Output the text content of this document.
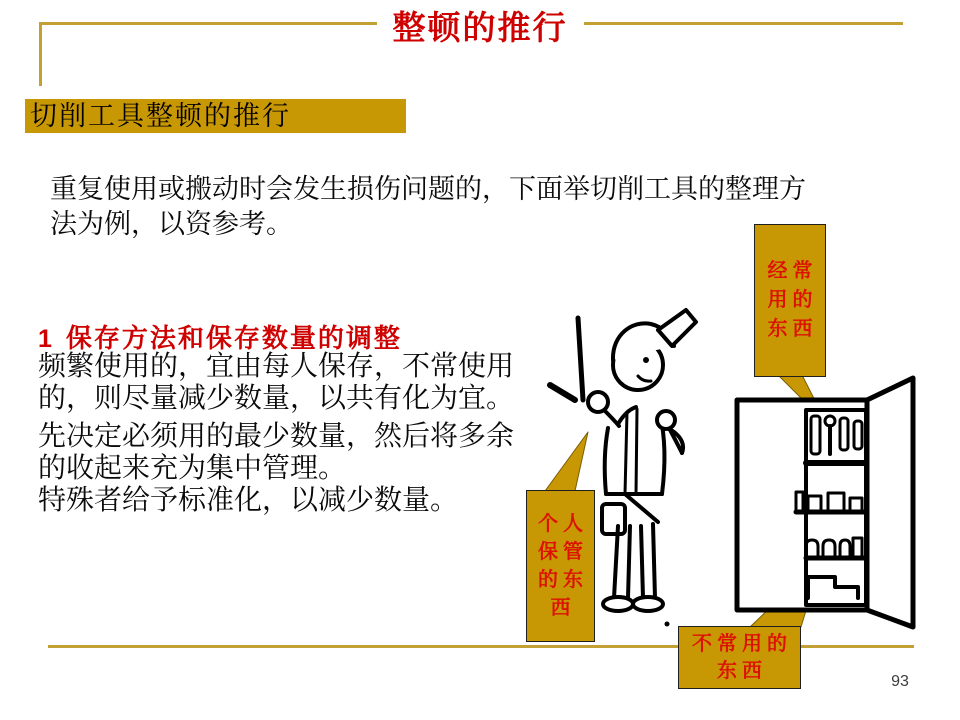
整顿的推行
切削工具整顿的推行
重复使用或搬动时会发生损伤问题的，下面举切削工具的整理方
法为例，以资参考。
1 保存方法和保存数量的调整
频繁使用的，宜由每人保存，不常使用
的，则尽量减少数量，以共有化为宜。
先决定必须用的最少数量，然后将多余
的收起来充为集中管理。
特殊者给予标准化，以减少数量。
经常
用的
东西
个人
保管
的东
西
不常用的
东西	93
